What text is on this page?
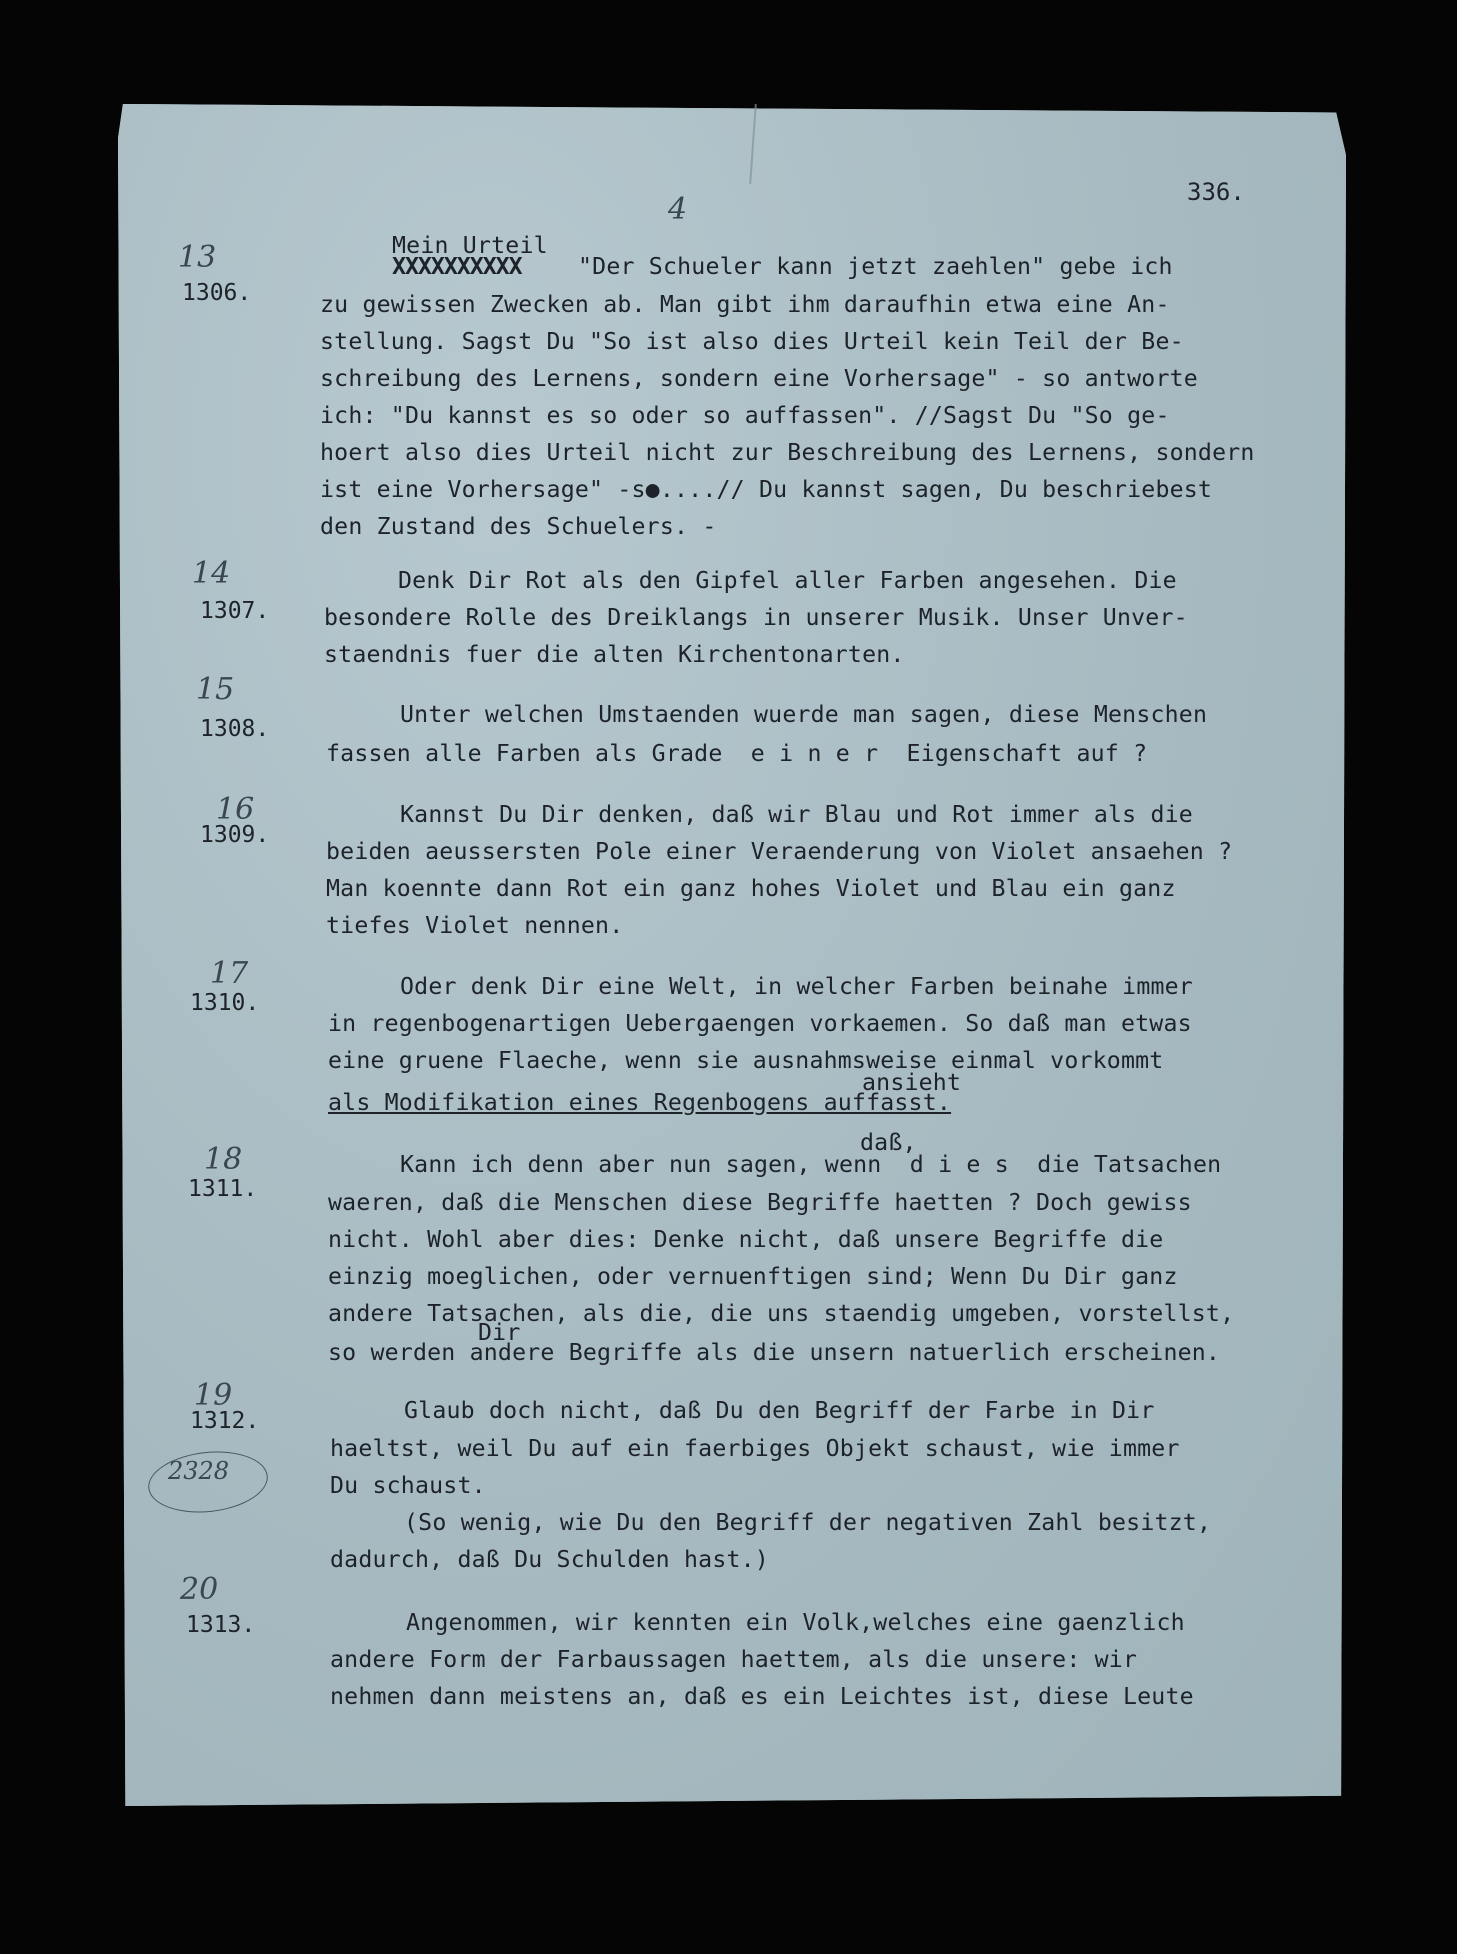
336.
4
13
1306.
Mein Urteil
XXXXXXXXXX "Der Schueler kann jetzt zaehlen" gebe ich
zu gewissen Zwecken ab. Man gibt ihm daraufhin etwa eine An-
stellung. Sagst Du "So ist also dies Urteil kein Teil der Be-
schreibung des Lernens, sondern eine Vorhersage" - so antworte
ich: "Du kannst es so oder so auffassen". //Sagst Du "So ge-
hoert also dies Urteil nicht zur Beschreibung des Lernens, sondern
ist eine Vorhersage" -s●....// Du kannst sagen, Du beschriebest
den Zustand des Schuelers. -
14
1307.
Denk Dir Rot als den Gipfel aller Farben angesehen. Die
besondere Rolle des Dreiklangs in unserer Musik. Unser Unver-
staendnis fuer die alten Kirchentonarten.
15
1308.
Unter welchen Umstaenden wuerde man sagen, diese Menschen
fassen alle Farben als Grade  e i n e r  Eigenschaft auf ?
16
1309.
Kannst Du Dir denken, daß wir Blau und Rot immer als die
beiden aeussersten Pole einer Veraenderung von Violet ansaehen ?
Man koennte dann Rot ein ganz hohes Violet und Blau ein ganz
tiefes Violet nennen.
17
1310.
Oder denk Dir eine Welt, in welcher Farben beinahe immer
in regenbogenartigen Uebergaengen vorkaemen. So daß man etwas
eine gruene Flaeche, wenn sie ausnahmsweise einmal vorkommt
ansieht
als Modifikation eines Regenbogens auffasst.
18
1311.
daß,
Kann ich denn aber nun sagen, wenn  d i e s  die Tatsachen
waeren, daß die Menschen diese Begriffe haetten ? Doch gewiss
nicht. Wohl aber dies: Denke nicht, daß unsere Begriffe die
einzig moeglichen, oder vernuenftigen sind; Wenn Du Dir ganz
andere Tatsachen, als die, die uns staendig umgeben, vorstellst,
Dir
so werden andere Begriffe als die unsern natuerlich erscheinen.
19
1312.	Glaub doch nicht, daß Du den Begriff der Farbe in Dir
haeltst, weil Du auf ein faerbiges Objekt schaust, wie immer
Du schaust.
(So wenig, wie Du den Begriff der negativen Zahl besitzt,
dadurch, daß Du Schulden hast.)
2328
20
1313.	Angenommen, wir kennten ein Volk,welches eine gaenzlich
andere Form der Farbaussagen haettem, als die unsere: wir
nehmen dann meistens an, daß es ein Leichtes ist, diese Leute
